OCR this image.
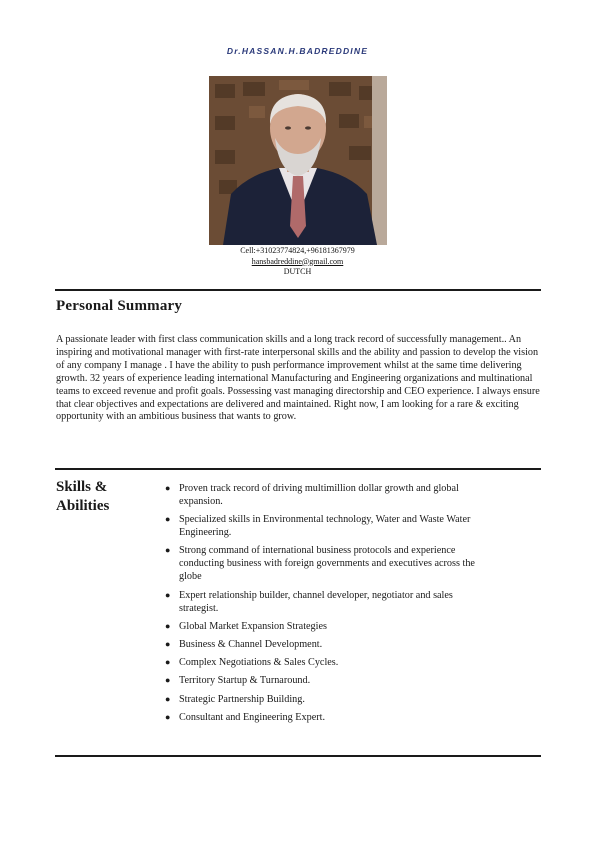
Dr.HASSAN.H.BADREDDINE
Cell:+31023774824,+96181367979
hansbadreddine@gmail.com
DUTCH
Personal Summary

A passionate leader with first class communication skills and a long track record of successfully management.. An inspiring and motivational manager with first-rate interpersonal skills and the ability and passion to develop the vision of any company I manage . I have the ability to push performance improvement whilst at the same time delivering growth. 32 years of experience leading international Manufacturing and Engineering organizations and multinational teams to exceed revenue and profit goals. Possessing vast managing directorship and CEO experience. I always ensure that clear objectives and expectations are delivered and maintained. Right now, I am looking for a rare & exciting opportunity with an ambitious business that wants to grow.

Skills & Abilities
● Proven track record of driving multimillion dollar growth and global expansion.
● Specialized skills in Environmental technology, Water and Waste Water Engineering.
● Strong command of international business protocols and experience conducting business with foreign governments and executives across the globe
● Expert relationship builder, channel developer, negotiator and sales strategist.
● Global Market Expansion Strategies
● Business & Channel Development.
● Complex Negotiations & Sales Cycles.
● Territory Startup & Turnaround.
● Strategic Partnership Building.
● Consultant and Engineering Expert.
